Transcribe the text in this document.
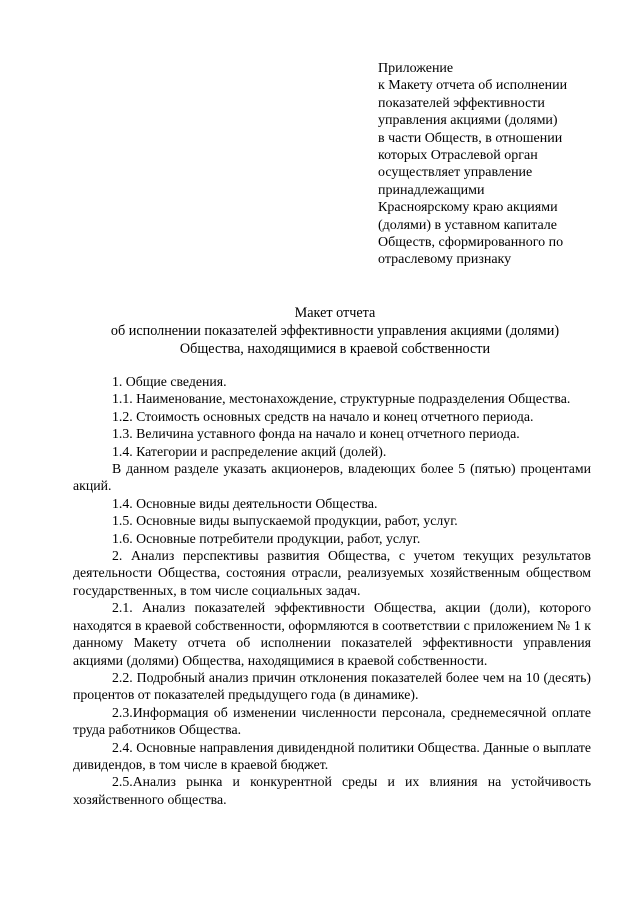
Приложение
к Макету отчета об исполнении
показателей эффективности
управления акциями (долями)
в части Обществ, в отношении
которых Отраслевой орган
осуществляет управление
принадлежащими
Красноярскому краю акциями
(долями) в уставном капитале
Обществ, сформированного по
отраслевому признаку
Макет отчета
об исполнении показателей эффективности управления акциями (долями)
Общества, находящимися в краевой собственности

1. Общие сведения.

1.1. Наименование, местонахождение, структурные подразделения Общества.

1.2. Стоимость основных средств на начало и конец отчетного периода.

1.3. Величина уставного фонда на начало и конец отчетного периода.

1.4. Категории и распределение акций (долей).

В данном разделе указать акционеров, владеющих более 5 (пятью) процентами акций.

1.4. Основные виды деятельности Общества.

1.5. Основные виды выпускаемой продукции, работ, услуг.

1.6. Основные потребители продукции, работ, услуг.

2. Анализ перспективы развития Общества, с учетом текущих результатов деятельности Общества, состояния отрасли, реализуемых хозяйственным обществом государственных, в том числе социальных задач.

2.1. Анализ показателей эффективности Общества, акции (доли), которого находятся в краевой собственности, оформляются в соответствии с приложением № 1 к данному Макету отчета об исполнении показателей эффективности управления акциями (долями) Общества, находящимися в краевой собственности.

2.2. Подробный анализ причин отклонения показателей более чем на 10 (десять) процентов от показателей предыдущего года (в динамике).

2.3.Информация об изменении численности персонала, среднемесячной оплате труда работников Общества.

2.4. Основные направления дивидендной политики Общества. Данные о выплате дивидендов, в том числе в краевой бюджет.

2.5.Анализ рынка и конкурентной среды и их влияния на устойчивость хозяйственного общества.
